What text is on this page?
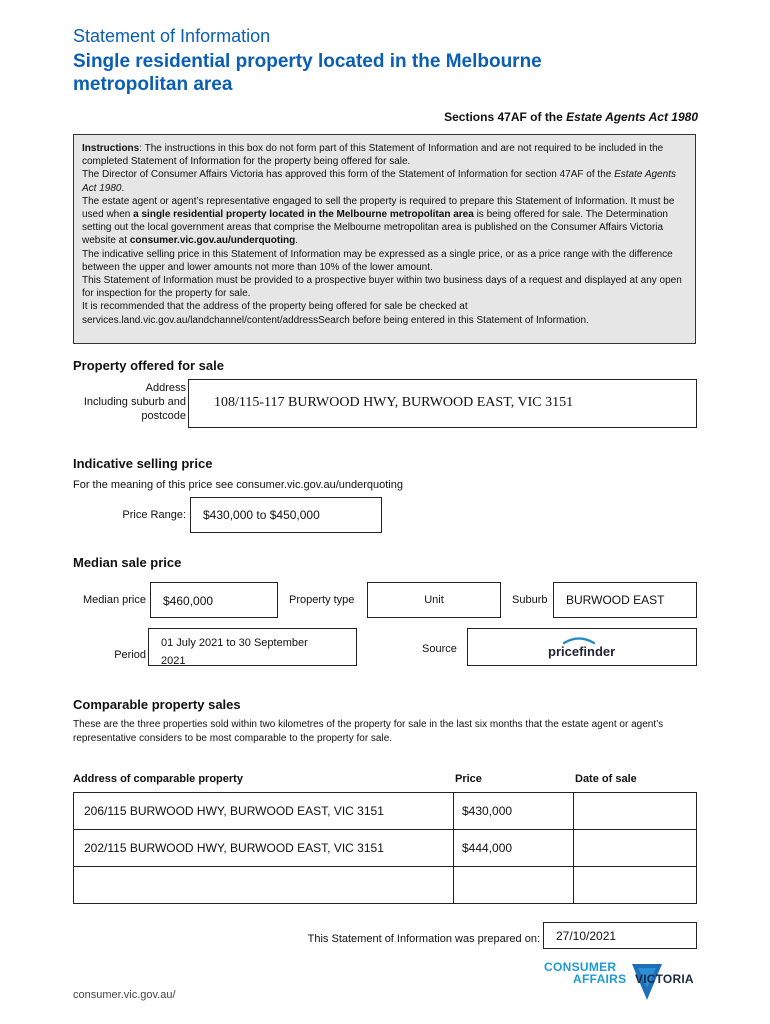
Statement of Information
Single residential property located in the Melbourne
metropolitan area
Sections 47AF of the Estate Agents Act 1980
Instructions: The instructions in this box do not form part of this Statement of Information and are not required to be included in the completed Statement of Information for the property being offered for sale.
The Director of Consumer Affairs Victoria has approved this form of the Statement of Information for section 47AF of the Estate Agents Act 1980.
The estate agent or agent’s representative engaged to sell the property is required to prepare this Statement of Information. It must be used when a single residential property located in the Melbourne metropolitan area is being offered for sale. The Determination setting out the local government areas that comprise the Melbourne metropolitan area is published on the Consumer Affairs Victoria website at consumer.vic.gov.au/underquoting.
The indicative selling price in this Statement of Information may be expressed as a single price, or as a price range with the difference between the upper and lower amounts not more than 10% of the lower amount.
This Statement of Information must be provided to a prospective buyer within two business days of a request and displayed at any open for inspection for the property for sale.
It is recommended that the address of the property being offered for sale be checked at services.land.vic.gov.au/landchannel/content/addressSearch before being entered in this Statement of Information.
Property offered for sale
Address
Including suburb and
postcode
108/115-117 BURWOOD HWY, BURWOOD EAST, VIC 3151
Indicative selling price
For the meaning of this price see consumer.vic.gov.au/underquoting
Price Range: $430,000 to $450,000
Median sale price
Median price $460,000	Property type	Unit	Suburb BURWOOD EAST
Period
01 July 2021 to 30 September
2021
Source	pricefinder
Comparable property sales
These are the three properties sold within two kilometres of the property for sale in the last six months that the estate agent or agent’s representative considers to be most comparable to the property for sale.
Address of comparable property	Price	Date of sale
206/115 BURWOOD HWY, BURWOOD EAST, VIC 3151	$430,000
202/115 BURWOOD HWY, BURWOOD EAST, VIC 3151	$444,000
This Statement of Information was prepared on: 27/10/2021
consumer.vic.gov.au/
CONSUMER
AFFAIRS VICTORIA
